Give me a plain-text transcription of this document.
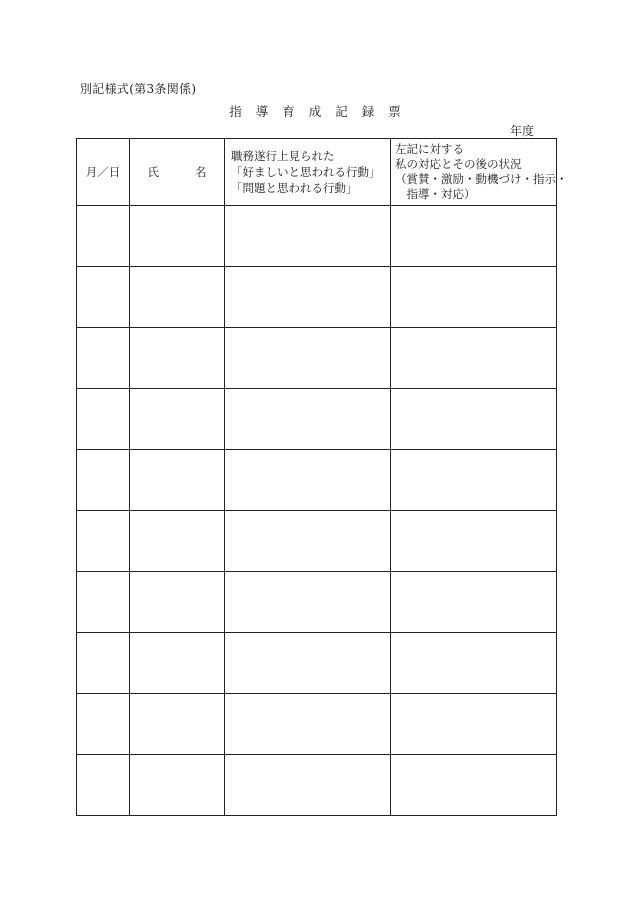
別記様式(第3条関係)
指 導 育 成 記 録 票
年度
月／日	氏 名	職務遂行上見られた
「好ましいと思われる行動」
「問題と思われる行動」	左記に対する
私の対応とその後の状況
（賞賛・激励・動機づけ・指示・
　指導・対応）
